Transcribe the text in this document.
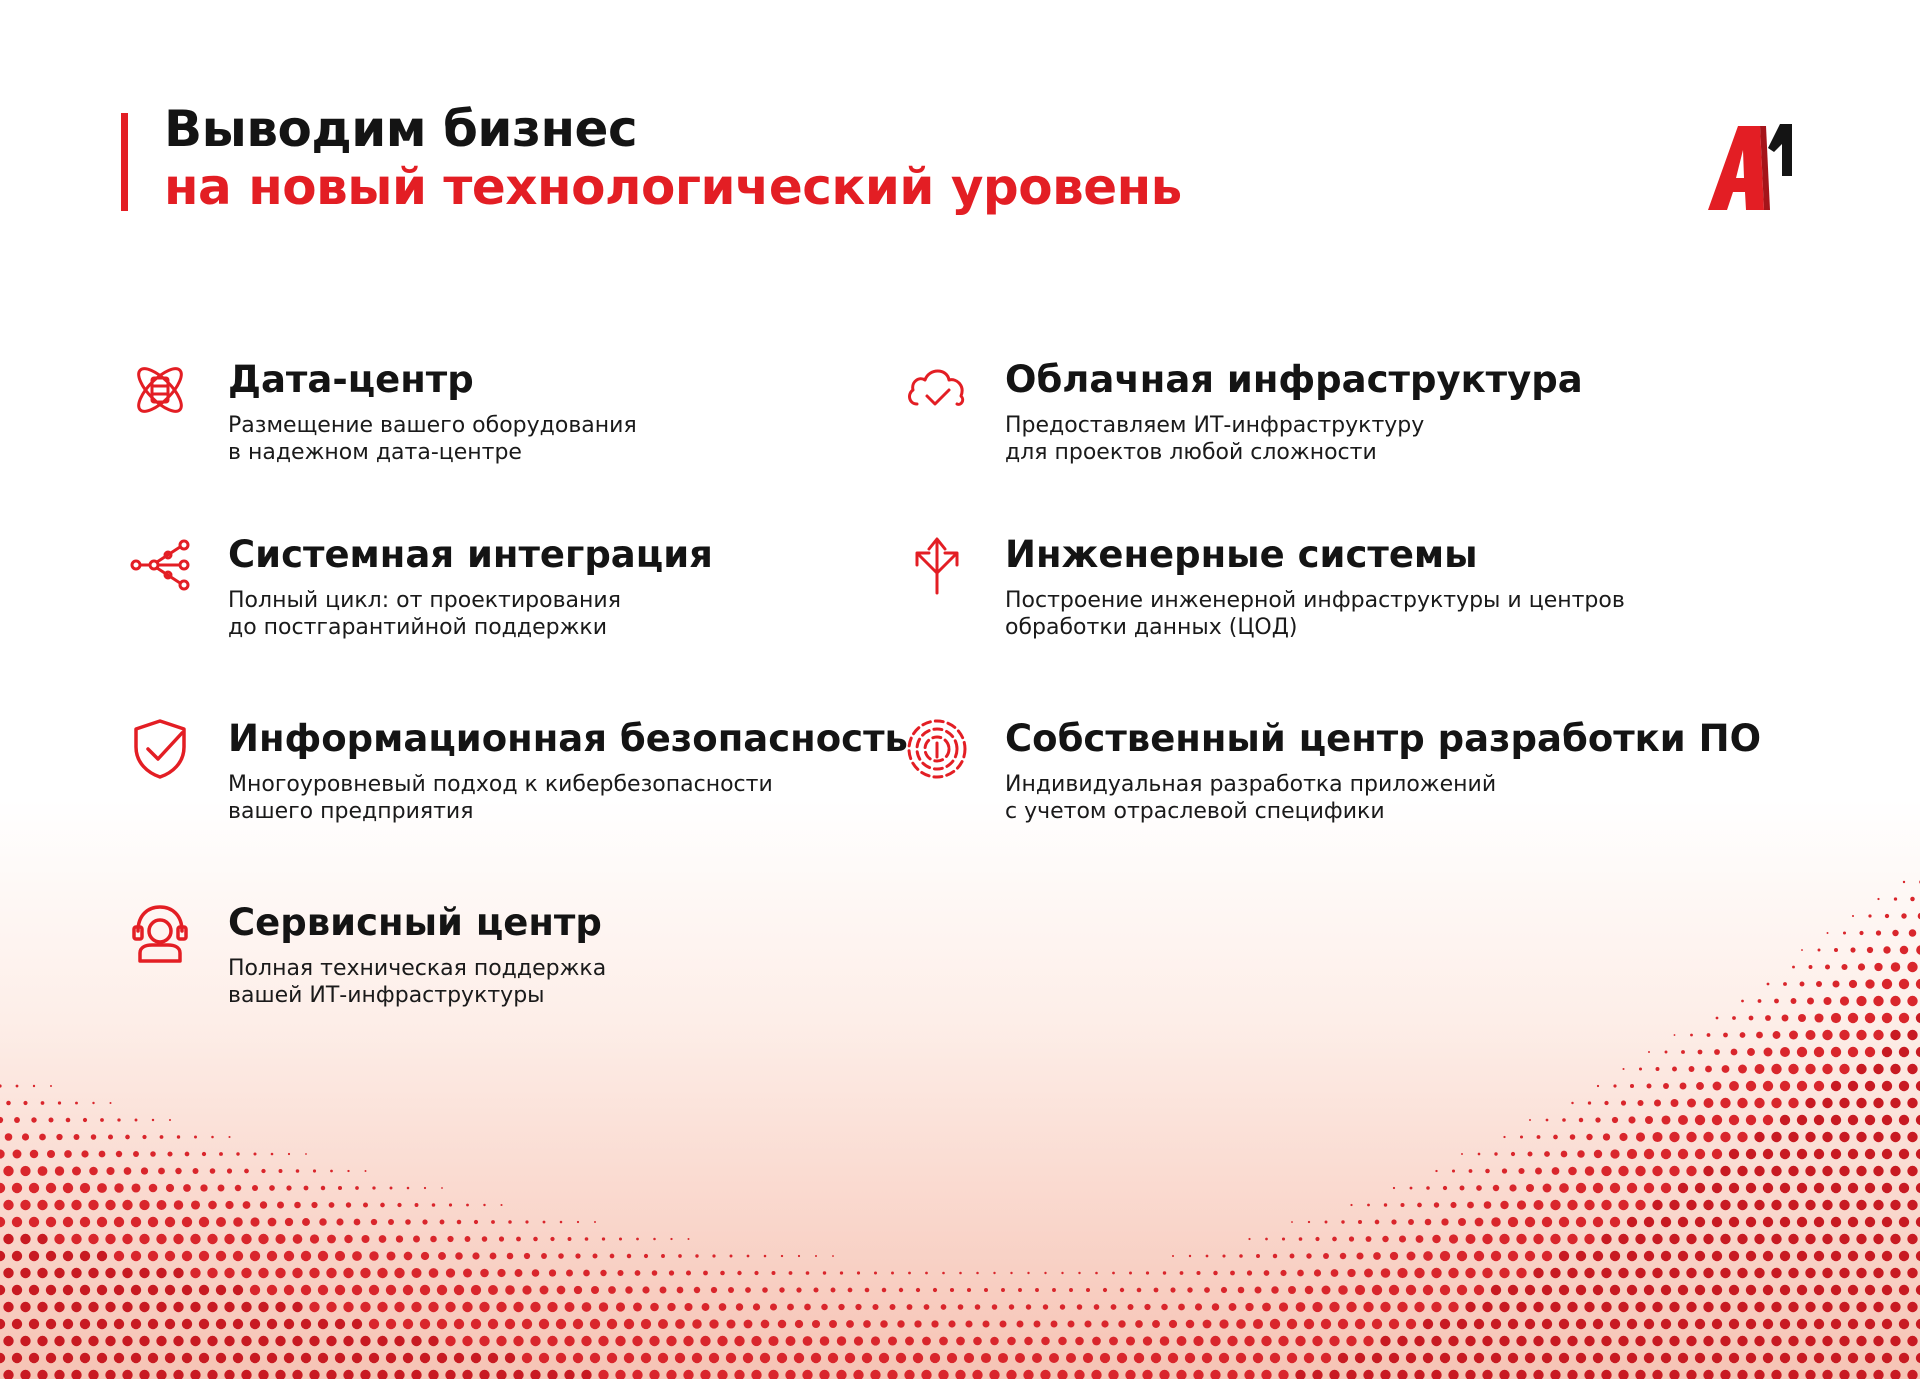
Выводим бизнес
на новый технологический уровень
Дата-центр

Размещение вашего оборудования
в надежном дата-центре

Облачная инфраструктура

Предоставляем ИТ-инфраструктуру
для проектов любой сложности

Системная интеграция

Полный цикл: от проектирования
до постгарантийной поддержки

Инженерные системы

Построение инженерной инфраструктуры и центров
обработки данных (ЦОД)

Информационная безопасность

Многоуровневый подход к кибербезопасности
вашего предприятия

Собственный центр разработки ПО

Индивидуальная разработка приложений
с учетом отраслевой специфики

Сервисный центр

Полная техническая поддержка
вашей ИТ-инфраструктуры
